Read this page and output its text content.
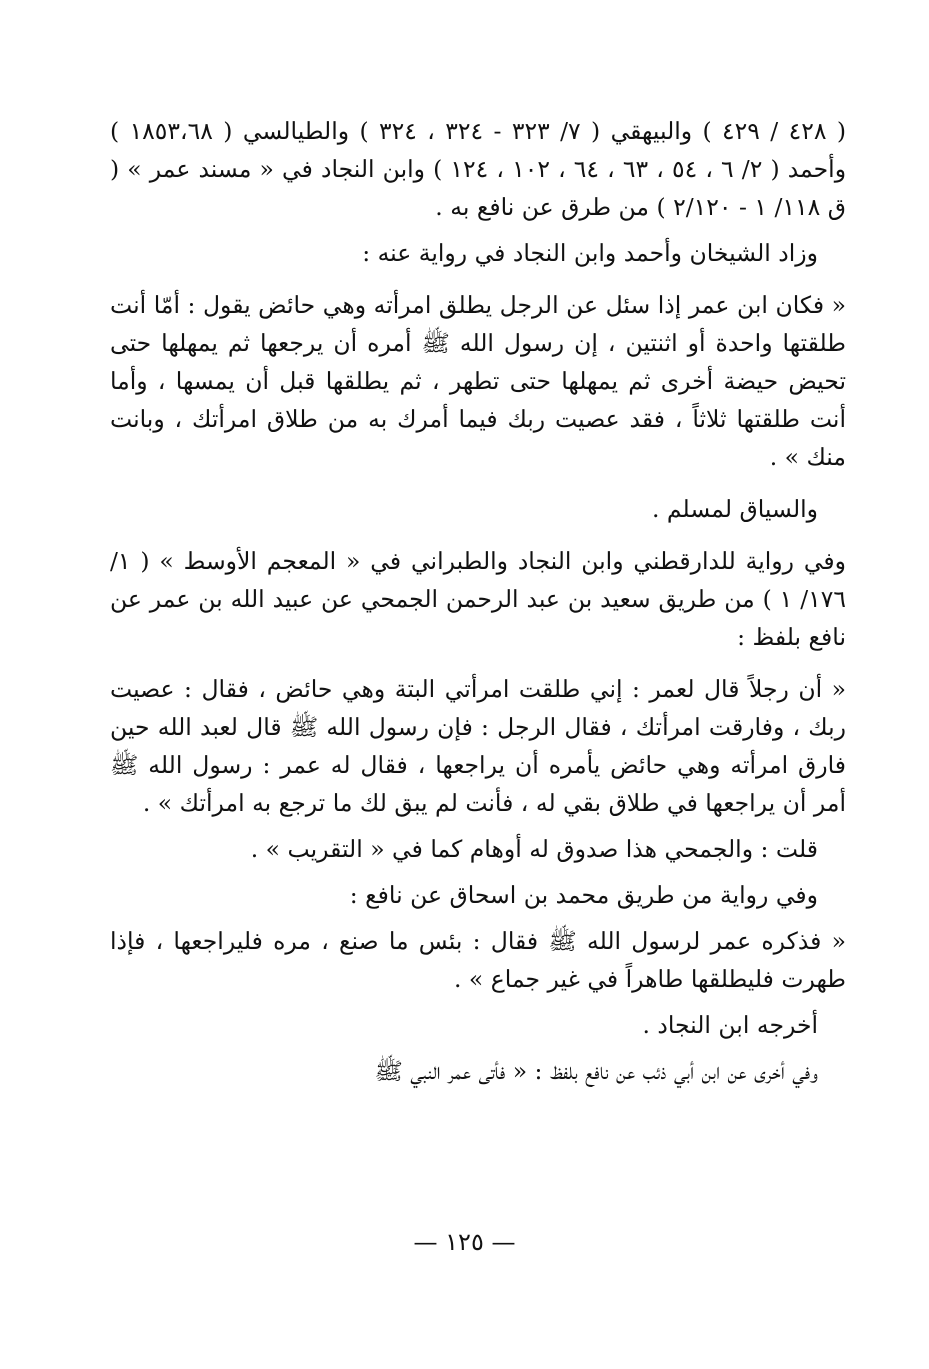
( ٤٢٨ / ٤٢٩ ) والبيهقي ( ٧/ ٣٢٣ - ٣٢٤ ، ٣٢٤ ) والطيالسي ( ١٨٥٣،٦٨ ) وأحمد ( ٢/ ٦ ، ٥٤ ، ٦٣ ، ٦٤ ، ١٠٢ ، ١٢٤ ) وابن النجاد في « مسند عمر » ( ق ١١٨/ ١ - ٢/١٢٠ ) من طرق عن نافع به .

وزاد الشيخان وأحمد وابن النجاد في رواية عنه :

« فكان ابن عمر إذا سئل عن الرجل يطلق امرأته وهي حائض يقول : أمّا أنت طلقتها واحدة أو اثنتين ، إن رسول الله ﷺ أمره أن يرجعها ثم يمهلها حتى تحيض حيضة أخرى ثم يمهلها حتى تطهر ، ثم يطلقها قبل أن يمسها ، وأما أنت طلقتها ثلاثاً ، فقد عصيت ربك فيما أمرك به من طلاق امرأتك ، وبانت منك » .

والسياق لمسلم .

وفي رواية للدارقطني وابن النجاد والطبراني في « المعجم الأوسط » ( ١/ ١٧٦/ ١ ) من طريق سعيد بن عبد الرحمن الجمحي عن عبيد الله بن عمر عن نافع بلفظ :

« أن رجلاً قال لعمر : إني طلقت امرأتي البتة وهي حائض ، فقال : عصيت ربك ، وفارقت امرأتك ، فقال الرجل : فإن رسول الله ﷺ قال لعبد الله حين فارق امرأته وهي حائض يأمره أن يراجعها ، فقال له عمر : رسول الله ﷺ أمر أن يراجعها في طلاق بقي له ، فأنت لم يبق لك ما ترجع به امرأتك » .

قلت : والجمحي هذا صدوق له أوهام كما في « التقريب » .

وفي رواية من طريق محمد بن اسحاق عن نافع :

« فذكره عمر لرسول الله ﷺ فقال : بئس ما صنع ، مره فليراجعها ، فإذا طهرت فليطلقها طاهراً في غير جماع » .

أخرجه ابن النجاد .

وفي أخرى عن ابن أبي ذئب عن نافع بلفظ : « فأتى عمر النبي ﷺ

— ١٢٥ —
